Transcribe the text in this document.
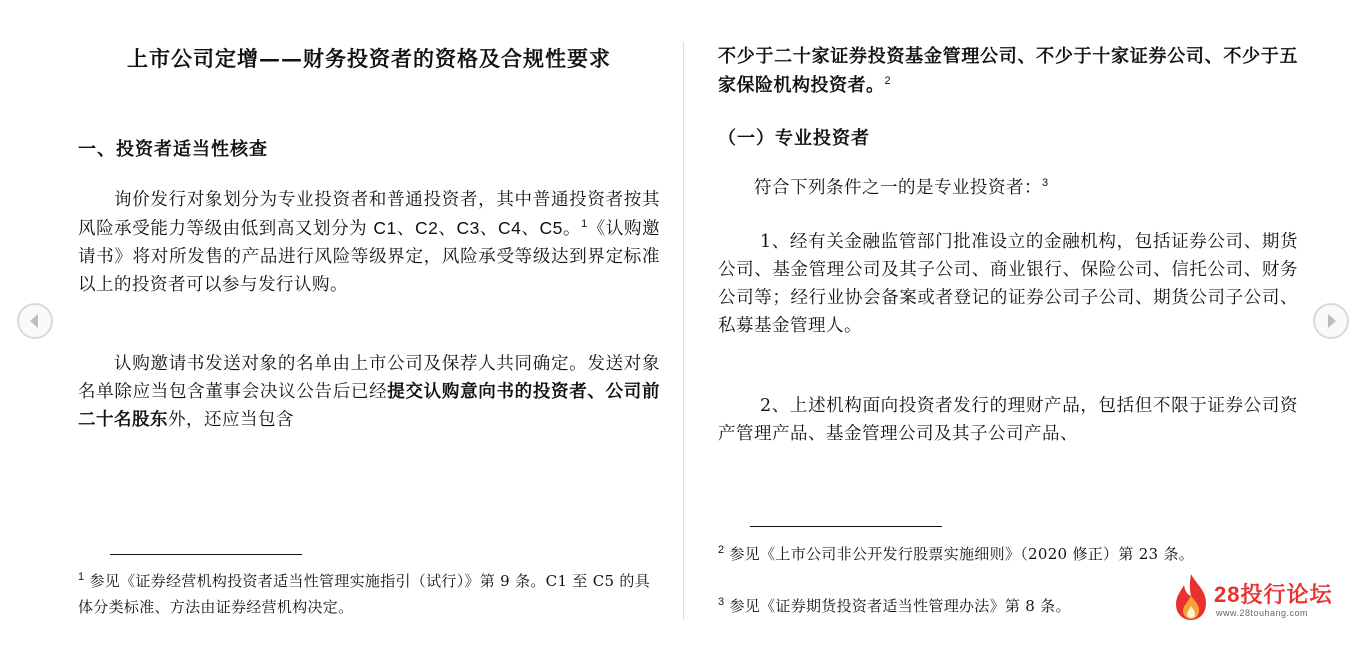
上市公司定增——财务投资者的资格及合规性要求
一、投资者适当性核查
询价发行对象划分为专业投资者和普通投资者，其中普通投资者按其风险承受能力等级由低到高又划分为 C1、C2、C3、C4、C5。$^1$《认购邀请书》将对所发售的产品进行风险等级界定，风险承受等级达到界定标准以上的投资者可以参与发行认购。
认购邀请书发送对象的名单由上市公司及保荐人共同确定。发送对象名单除应当包含董事会决议公告后已经提交认购意向书的投资者、公司前二十名股东外，还应当包含
$^1$ 参见《证券经营机构投资者适当性管理实施指引（试行）》第 9 条。C1 至 C5 的具体分类标准、方法由证券经营机构决定。
不少于二十家证券投资基金管理公司、不少于十家证券公司、不少于五家保险机构投资者。$^2$
（一）专业投资者
符合下列条件之一的是专业投资者：$^3$
1、经有关金融监管部门批准设立的金融机构，包括证券公司、期货公司、基金管理公司及其子公司、商业银行、保险公司、信托公司、财务公司等；经行业协会备案或者登记的证券公司子公司、期货公司子公司、私募基金管理人。
2、上述机构面向投资者发行的理财产品，包括但不限于证券公司资产管理产品、基金管理公司及其子公司产品、
$^2$ 参见《上市公司非公开发行股票实施细则》（2020 修正）第 23 条。
$^3$ 参见《证券期货投资者适当性管理办法》第 8 条。	28投行论坛
www.28touhang.com
